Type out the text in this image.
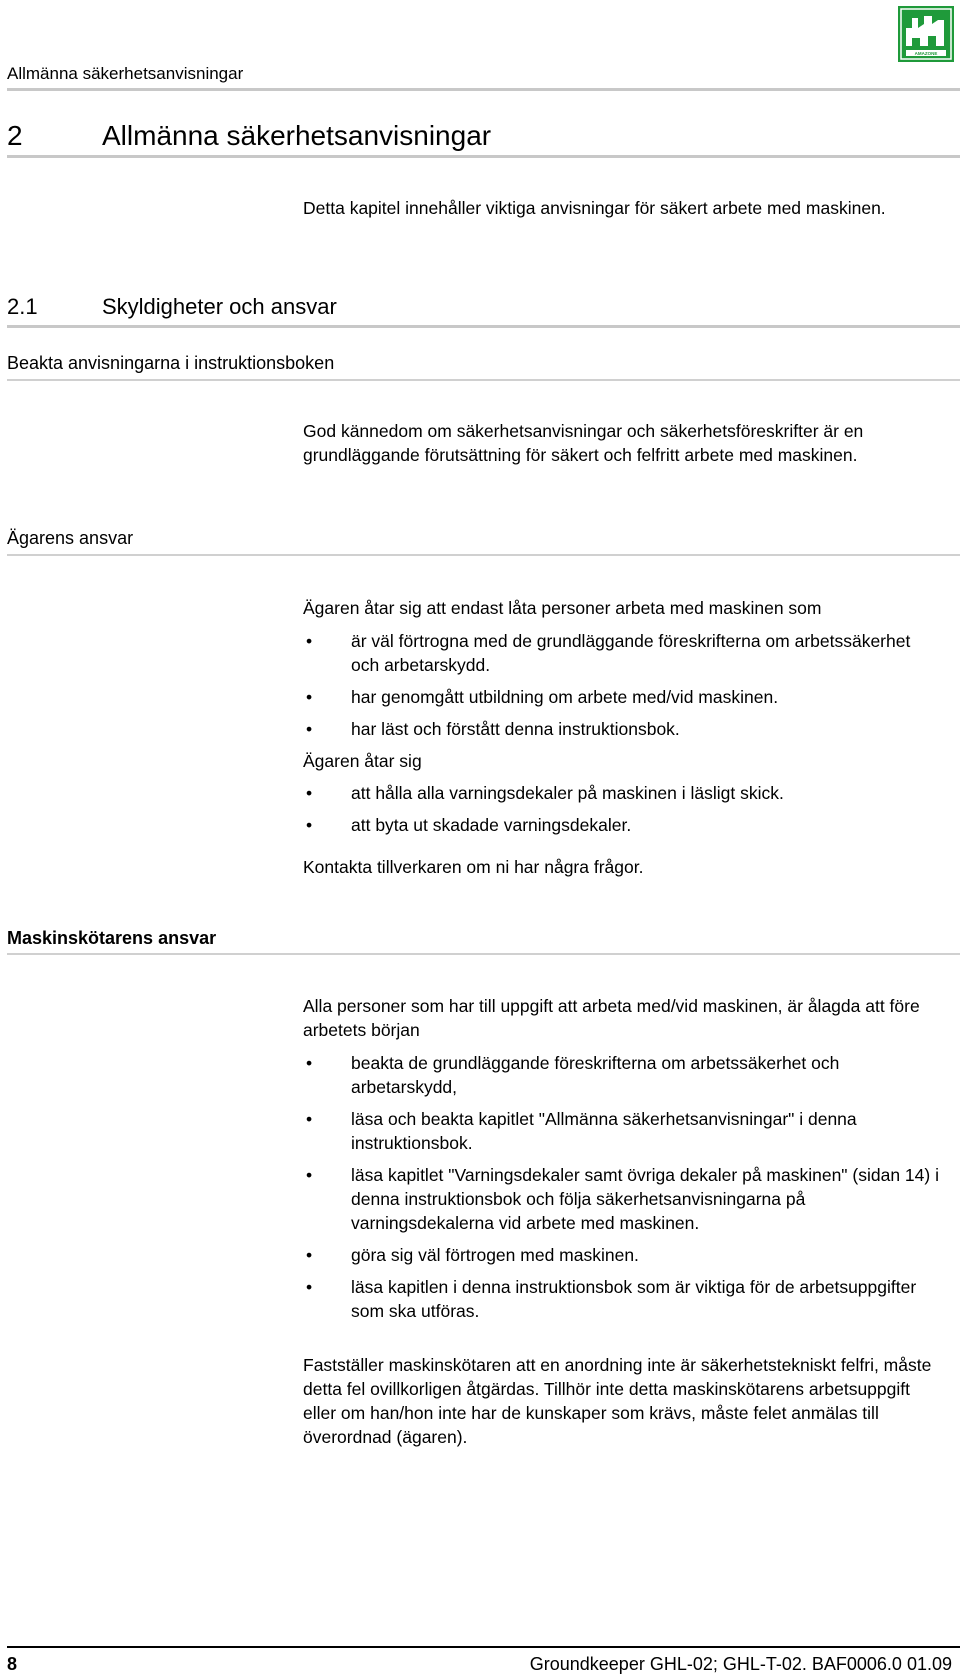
AMAZONE
Allmänna säkerhetsanvisningar
2	Allmänna säkerhetsanvisningar
Detta kapitel innehåller viktiga anvisningar för säkert arbete med maskinen.
2.1	Skyldigheter och ansvar
Beakta anvisningarna i instruktionsboken
God kännedom om säkerhetsanvisningar och säkerhetsföreskrifter är en grundläggande förutsättning för säkert och felfritt arbete med maskinen.
Ägarens ansvar

Ägaren åtar sig att endast låta personer arbeta med maskinen som

• är väl förtrogna med de grundläggande föreskrifterna om arbetssäkerhet och arbetarskydd.
• har genomgått utbildning om arbete med/vid maskinen.
• har läst och förstått denna instruktionsbok.

Ägaren åtar sig

• att hålla alla varningsdekaler på maskinen i läsligt skick.
• att byta ut skadade varningsdekaler.

Kontakta tillverkaren om ni har några frågor.

Maskinskötarens ansvar

Alla personer som har till uppgift att arbeta med/vid maskinen, är ålagda att före arbetets början

• beakta de grundläggande föreskrifterna om arbetssäkerhet och arbetarskydd,
• läsa och beakta kapitlet "Allmänna säkerhetsanvisningar" i denna instruktionsbok.
• läsa kapitlet "Varningsdekaler samt övriga dekaler på maskinen" (sidan 14) i denna instruktionsbok och följa säkerhetsanvisningarna på varningsdekalerna vid arbete med maskinen.
• göra sig väl förtrogen med maskinen.
• läsa kapitlen i denna instruktionsbok som är viktiga för de arbetsuppgifter som ska utföras.

Fastställer maskinskötaren att en anordning inte är säkerhetstekniskt felfri, måste detta fel ovillkorligen åtgärdas. Tillhör inte detta maskinskötarens arbetsuppgift eller om han/hon inte har de kunskaper som krävs, måste felet anmälas till överordnad (ägaren).

8	Groundkeeper GHL-02; GHL-T-02. BAF0006.0 01.09
